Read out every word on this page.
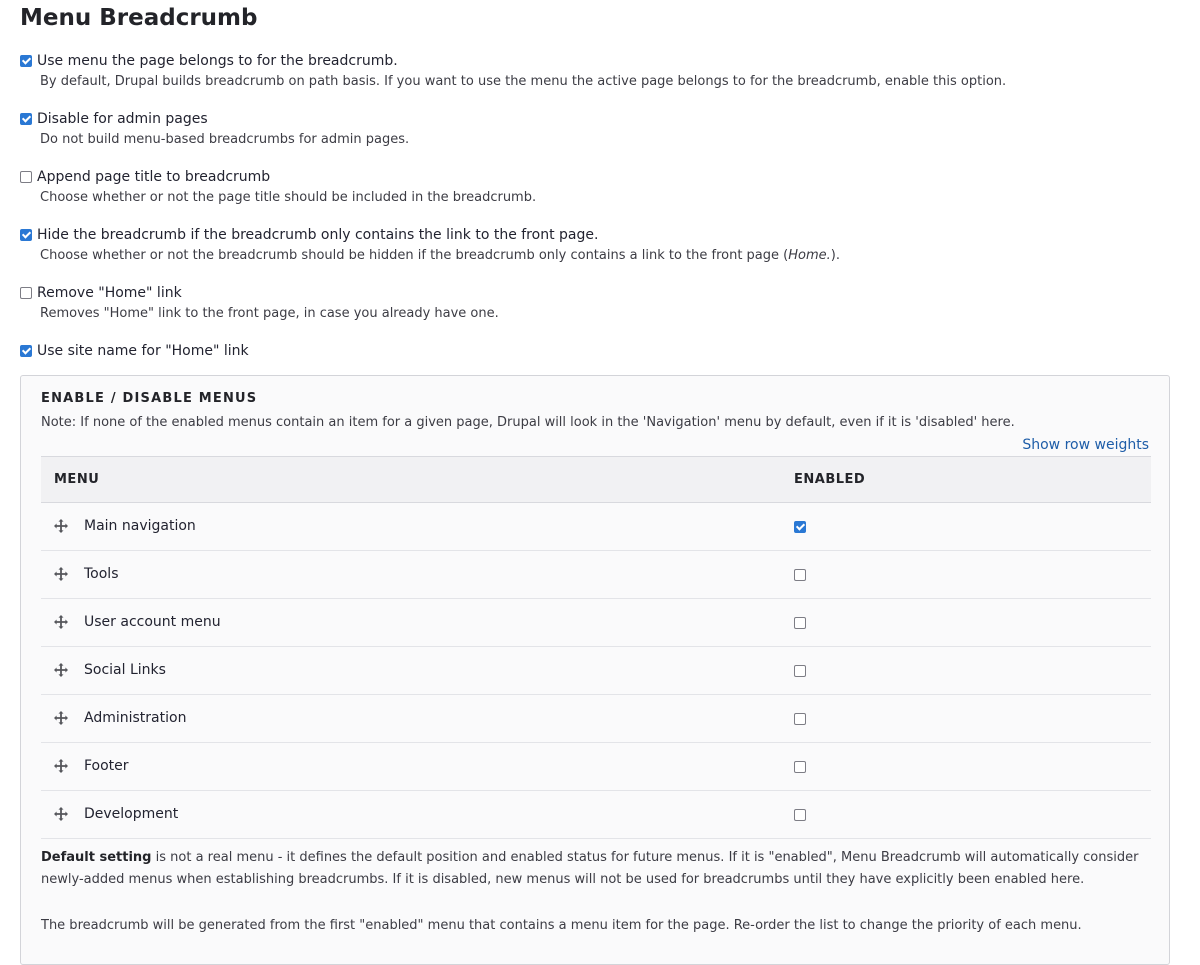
Menu Breadcrumb
Use menu the page belongs to for the breadcrumb.
By default, Drupal builds breadcrumb on path basis. If you want to use the menu the active page belongs to for the breadcrumb, enable this option.
Disable for admin pages
Do not build menu-based breadcrumbs for admin pages.
Append page title to breadcrumb
Choose whether or not the page title should be included in the breadcrumb.
Hide the breadcrumb if the breadcrumb only contains the link to the front page.
Choose whether or not the breadcrumb should be hidden if the breadcrumb only contains a link to the front page (Home.).
Remove "Home" link
Removes "Home" link to the front page, in case you already have one.
Use site name for "Home" link
ENABLE / DISABLE MENUS
Note: If none of the enabled menus contain an item for a given page, Drupal will look in the 'Navigation' menu by default, even if it is 'disabled' here.
Show row weights
MENU	ENABLED
Main navigation
Tools
User account menu
Social Links
Administration
Footer
Development
Default setting is not a real menu - it defines the default position and enabled status for future menus. If it is "enabled", Menu Breadcrumb will automatically consider newly-added menus when establishing breadcrumbs. If it is disabled, new menus will not be used for breadcrumbs until they have explicitly been enabled here.
The breadcrumb will be generated from the first "enabled" menu that contains a menu item for the page. Re-order the list to change the priority of each menu.
